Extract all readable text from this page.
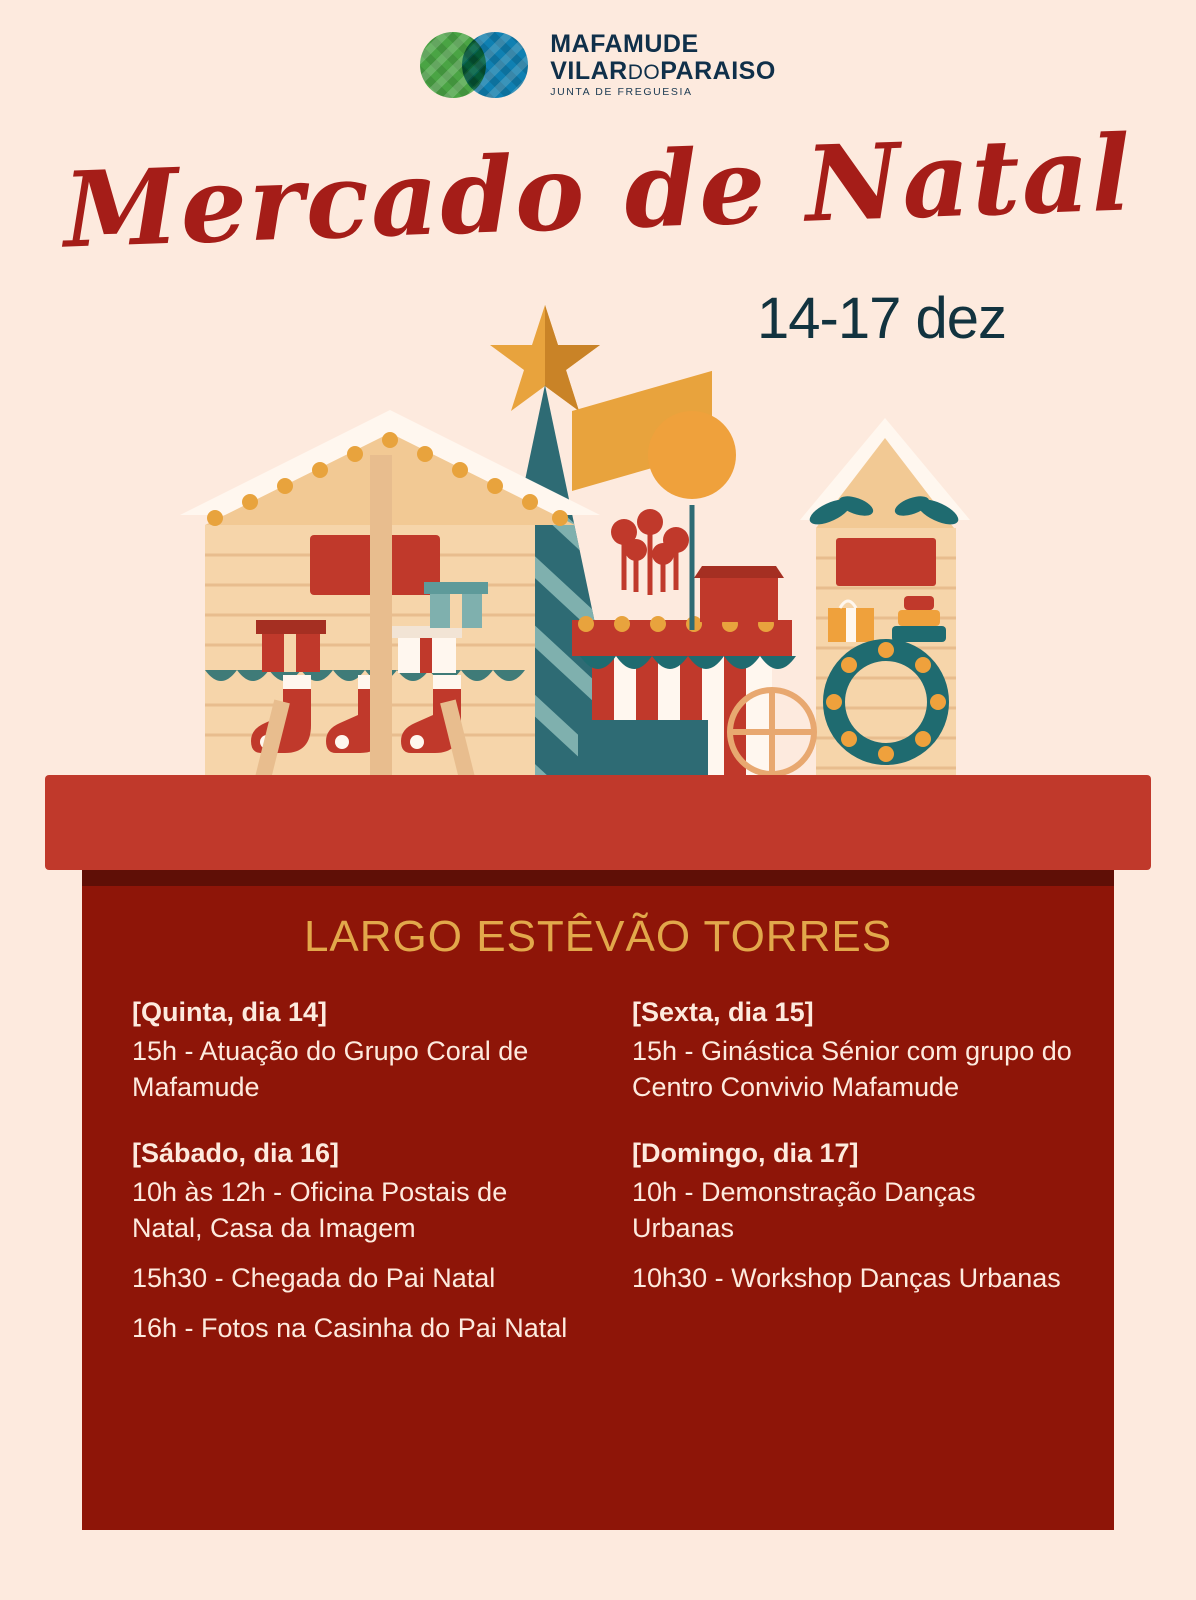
MAFAMUDE
VILARDOPARAISO
JUNTA DE FREGUESIA
Mercado de Natal
14-17 dez
LARGO ESTÊVÃO TORRES
[Quinta, dia 14]
15h - Atuação do Grupo Coral de Mafamude
[Sábado, dia 16]
10h às 12h - Oficina Postais de Natal, Casa da Imagem
15h30 - Chegada do Pai Natal
16h - Fotos na Casinha do Pai Natal
[Sexta, dia 15]
15h - Ginástica Sénior com grupo do Centro Convivio Mafamude
[Domingo, dia 17]
10h - Demonstração Danças Urbanas
10h30 - Workshop Danças Urbanas
